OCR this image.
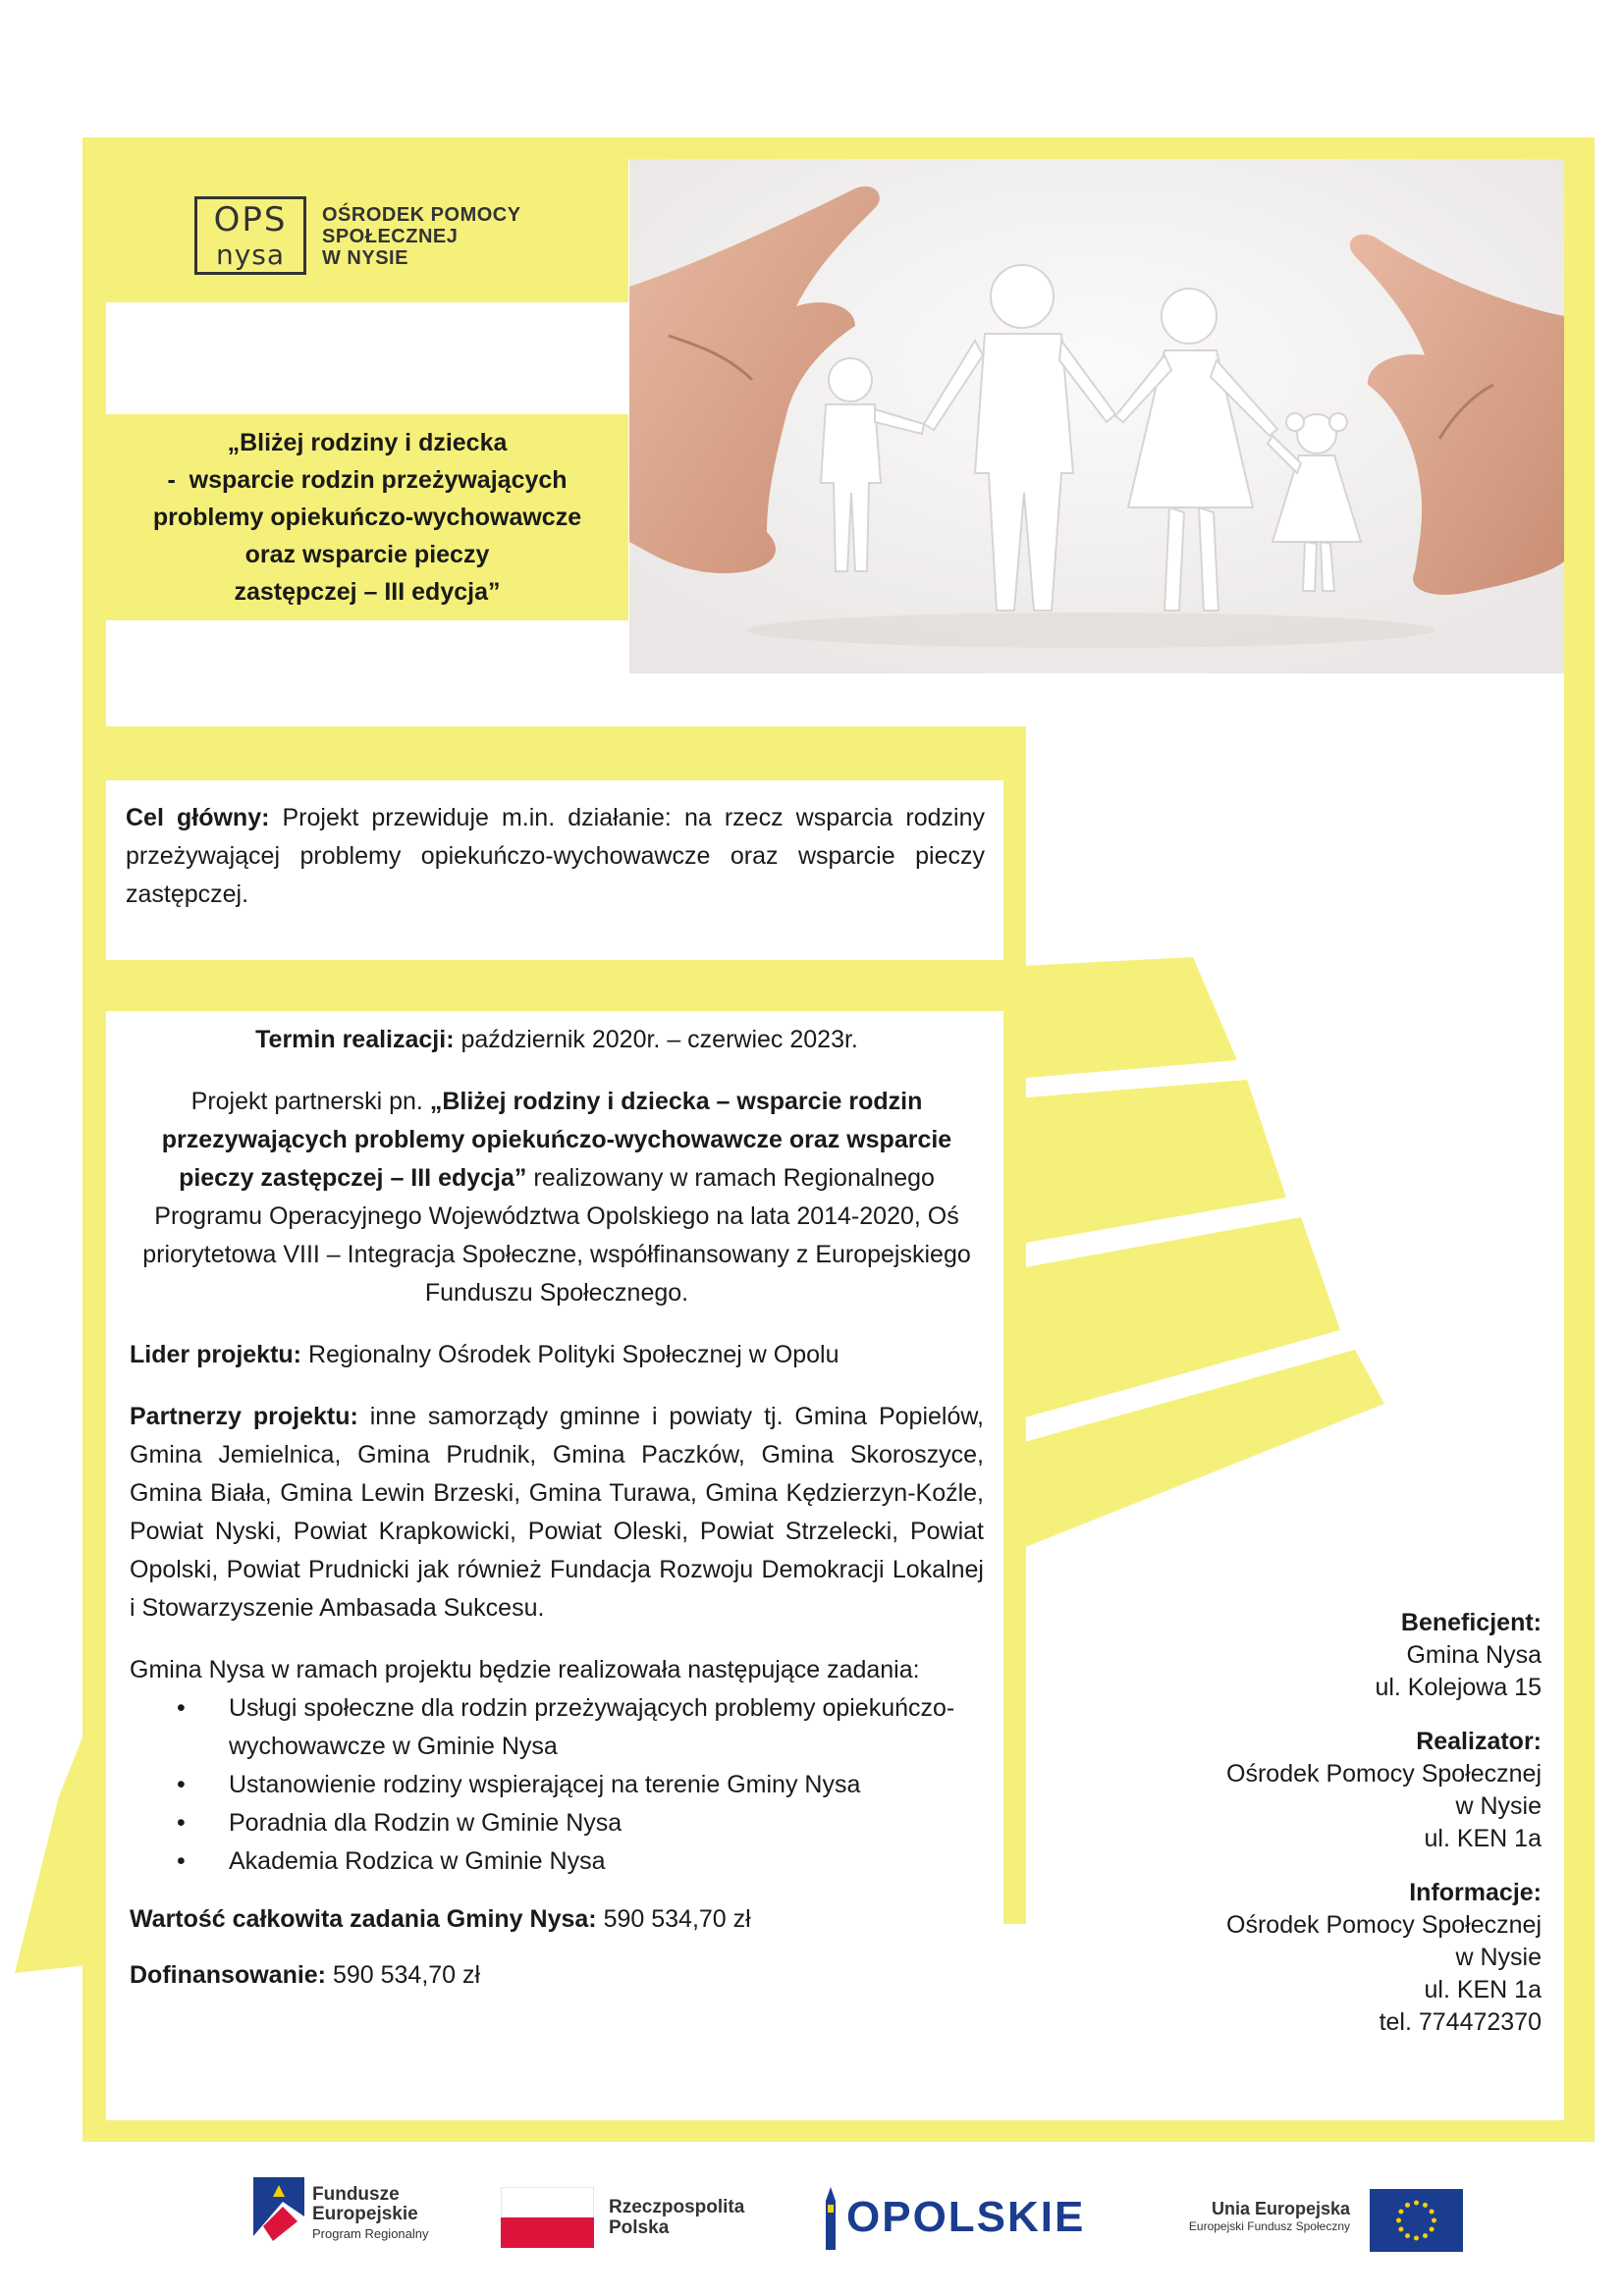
OPS
nysa
OŚRODEK POMOCY
SPOŁECZNEJ
W NYSIE
„Bliżej rodziny i dziecka
-  wsparcie rodzin przeżywających
problemy opiekuńczo-wychowawcze
oraz wsparcie pieczy
zastępczej – III edycja”
Cel główny: Projekt przewiduje m.in. działanie: na rzecz wsparcia rodziny przeżywającej problemy opiekuńczo-wychowawcze oraz wsparcie pieczy zastępczej.
Termin realizacji: październik 2020r. – czerwiec 2023r.
Projekt partnerski pn. „Bliżej rodziny i dziecka – wsparcie rodzin przezywających problemy opiekuńczo-wychowawcze oraz wsparcie pieczy zastępczej – III edycja” realizowany w ramach Regionalnego Programu Operacyjnego Województwa Opolskiego na lata 2014-2020, Oś priorytetowa VIII – Integracja Społeczne, współfinansowany z Europejskiego Funduszu Społecznego.
Lider projektu: Regionalny Ośrodek Polityki Społecznej w Opolu
Partnerzy projektu: inne samorządy gminne i powiaty tj. Gmina Popielów, Gmina Jemielnica, Gmina Prudnik, Gmina Paczków, Gmina Skoroszyce, Gmina Biała, Gmina Lewin Brzeski, Gmina Turawa, Gmina Kędzierzyn-Koźle, Powiat Nyski, Powiat Krapkowicki, Powiat Oleski, Powiat Strzelecki, Powiat Opolski, Powiat Prudnicki jak również Fundacja Rozwoju Demokracji Lokalnej i Stowarzyszenie Ambasada Sukcesu.
Gmina Nysa w ramach projektu będzie realizowała następujące zadania:
• Usługi społeczne dla rodzin przeżywających problemy opiekuńczo-wychowawcze w Gminie Nysa
• Ustanowienie rodziny wspierającej na terenie Gminy Nysa
• Poradnia dla Rodzin w Gminie Nysa
• Akademia Rodzica w Gminie Nysa
Wartość całkowita zadania Gminy Nysa: 590 534,70 zł
Dofinansowanie: 590 534,70 zł
Beneficjent:
Gmina Nysa
ul. Kolejowa 15
Realizator:
Ośrodek Pomocy Społecznej
w Nysie
ul. KEN 1a
Informacje:
Ośrodek Pomocy Społecznej
w Nysie
ul. KEN 1a
tel. 774472370
Fundusze
Europejskie
Program Regionalny
Rzeczpospolita
Polska	OPOLSKIE	Unia Europejska
Europejski Fundusz Społeczny
